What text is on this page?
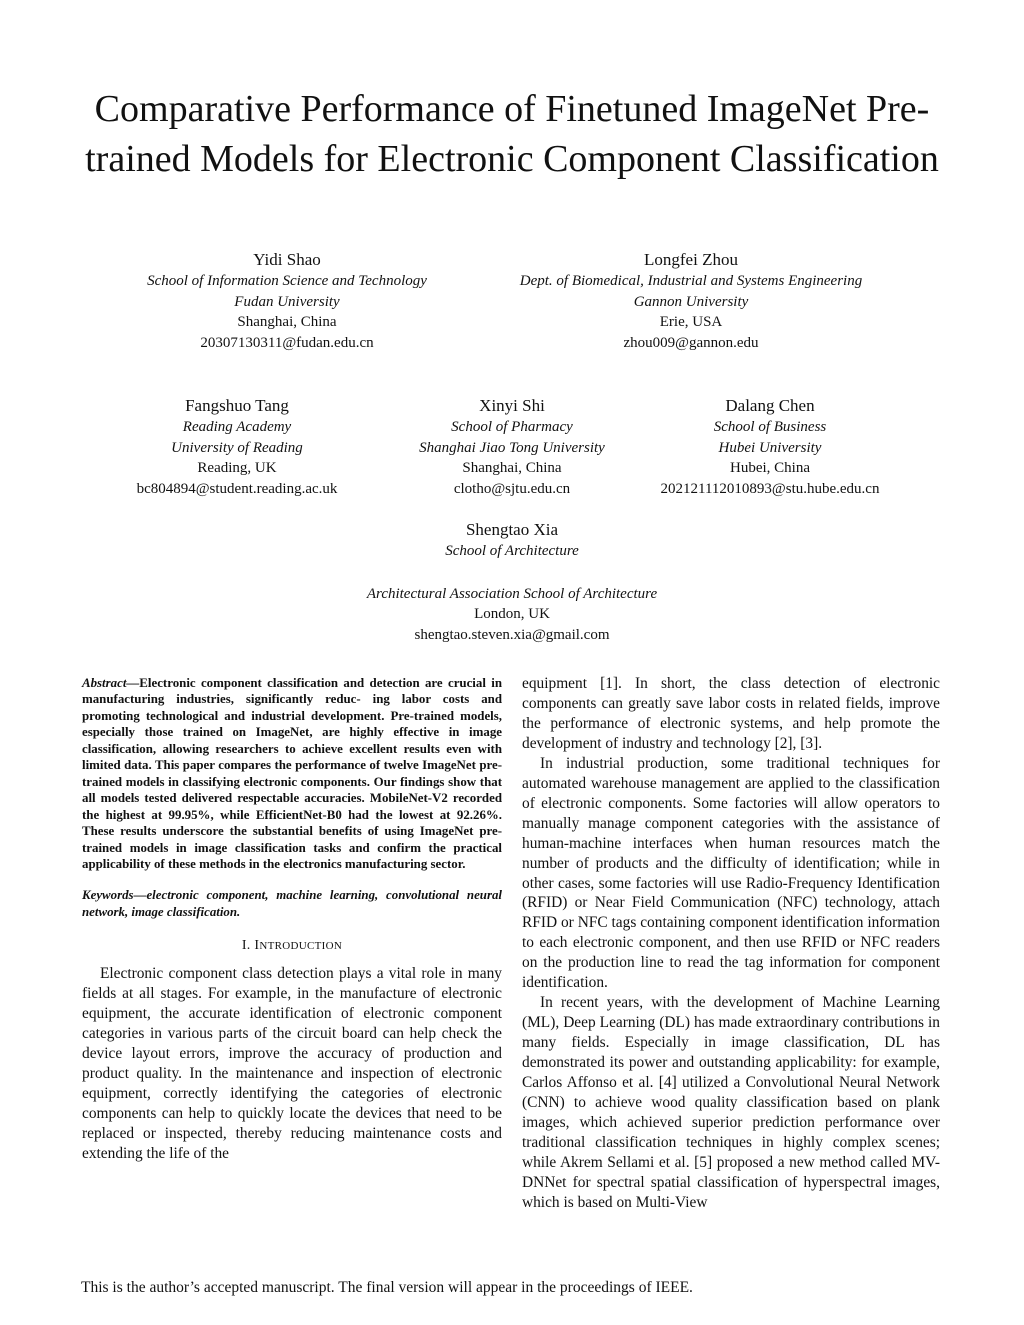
Comparative Performance of Finetuned ImageNet Pre-trained Models for Electronic Component Classification
Yidi Shao
School of Information Science and Technology
Fudan University
Shanghai, China
20307130311@fudan.edu.cn
Longfei Zhou
Dept. of Biomedical, Industrial and Systems Engineering
Gannon University
Erie, USA
zhou009@gannon.edu
Fangshuo Tang
Reading Academy
University of Reading
Reading, UK
bc804894@student.reading.ac.uk
Xinyi Shi
School of Pharmacy
Shanghai Jiao Tong University
Shanghai, China
clotho@sjtu.edu.cn
Dalang Chen
School of Business
Hubei University
Hubei, China
202121112010893@stu.hube.edu.cn
Shengtao Xia
School of Architecture
Architectural Association School of Architecture
London, UK
shengtao.steven.xia@gmail.com
Abstract—Electronic component classification and detection are crucial in manufacturing industries, significantly reduc- ing labor costs and promoting technological and industrial development. Pre-trained models, especially those trained on ImageNet, are highly effective in image classification, allowing researchers to achieve excellent results even with limited data. This paper compares the performance of twelve ImageNet pre-trained models in classifying electronic components. Our findings show that all models tested delivered respectable accuracies. MobileNet-V2 recorded the highest at 99.95%, while EfficientNet-B0 had the lowest at 92.26%. These results underscore the substantial benefits of using ImageNet pre-trained models in image classification tasks and confirm the practical applicability of these methods in the electronics manufacturing sector.
Keywords—electronic component, machine learning, convolutional neural network, image classification.
I. INTRODUCTION

Electronic component class detection plays a vital role in many fields at all stages. For example, in the manufacture of electronic equipment, the accurate identification of electronic component categories in various parts of the circuit board can help check the device layout errors, improve the accuracy of production and product quality. In the maintenance and inspection of electronic equipment, correctly identifying the categories of electronic components can help to quickly locate the devices that need to be replaced or inspected, thereby reducing maintenance costs and extending the life of the

equipment [1]. In short, the class detection of electronic components can greatly save labor costs in related fields, improve the performance of electronic systems, and help promote the development of industry and technology [2], [3].

In industrial production, some traditional techniques for automated warehouse management are applied to the classification of electronic components. Some factories will allow operators to manually manage component categories with the assistance of human-machine interfaces when human resources match the number of products and the difficulty of identification; while in other cases, some factories will use Radio-Frequency Identification (RFID) or Near Field Communication (NFC) technology, attach RFID or NFC tags containing component identification information to each electronic component, and then use RFID or NFC readers on the production line to read the tag information for component identification.

In recent years, with the development of Machine Learning (ML), Deep Learning (DL) has made extraordinary contributions in many fields. Especially in image classification, DL has demonstrated its power and outstanding applicability: for example, Carlos Affonso et al. [4] utilized a Convolutional Neural Network (CNN) to achieve wood quality classification based on plank images, which achieved superior prediction performance over traditional classification techniques in highly complex scenes; while Akrem Sellami et al. [5] proposed a new method called MV-DNNet for spectral spatial classification of hyperspectral images, which is based on Multi-View

This is the author’s accepted manuscript. The final version will appear in the proceedings of IEEE.
